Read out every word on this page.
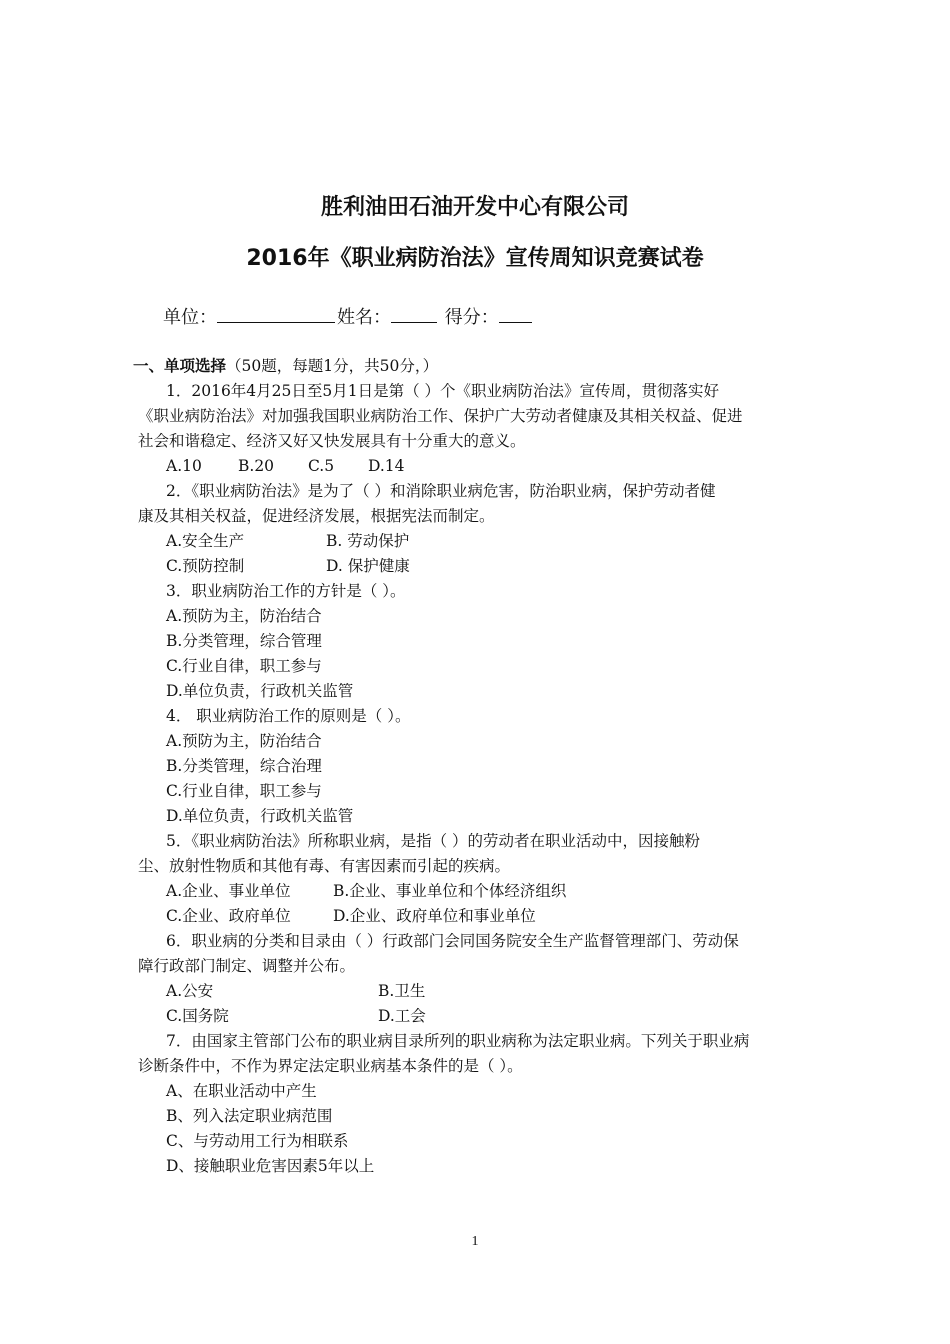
胜利油田石油开发中心有限公司
2016年《职业病防治法》宣传周知识竞赛试卷
单位：	姓名：	得分：
一、单项选择（50题，每题1分，共50分，）
1．2016年4月25日至5月1日是第（ ）个《职业病防治法》宣传周，贯彻落实好
《职业病防治法》对加强我国职业病防治工作、保护广大劳动者健康及其相关权益、促进
社会和谐稳定、经济又好又快发展具有十分重大的意义。
A.10 B.20 C.5 D.14
2．《职业病防治法》是为了（ ）和消除职业病危害，防治职业病，保护劳动者健
康及其相关权益，促进经济发展，根据宪法而制定。
A.安全生产	B. 劳动保护
C.预防控制	D. 保护健康
3．职业病防治工作的方针是（ ）。
A.预防为主，防治结合
B.分类管理，综合管理
C.行业自律，职工参与
D.单位负责，行政机关监管
4． 职业病防治工作的原则是（ ）。
A.预防为主，防治结合
B.分类管理，综合治理
C.行业自律，职工参与
D.单位负责，行政机关监管
5．《职业病防治法》所称职业病，是指（ ）的劳动者在职业活动中，因接触粉
尘、放射性物质和其他有毒、有害因素而引起的疾病。
A.企业、事业单位	B.企业、事业单位和个体经济组织
C.企业、政府单位	D.企业、政府单位和事业单位
6．职业病的分类和目录由（ ）行政部门会同国务院安全生产监督管理部门、劳动保
障行政部门制定、调整并公布。
A.公安	B.卫生
C.国务院	D.工会
7．由国家主管部门公布的职业病目录所列的职业病称为法定职业病。下列关于职业病
诊断条件中，不作为界定法定职业病基本条件的是（ ）。
A、在职业活动中产生
B、列入法定职业病范围
C、与劳动用工行为相联系
D、接触职业危害因素5年以上
1
